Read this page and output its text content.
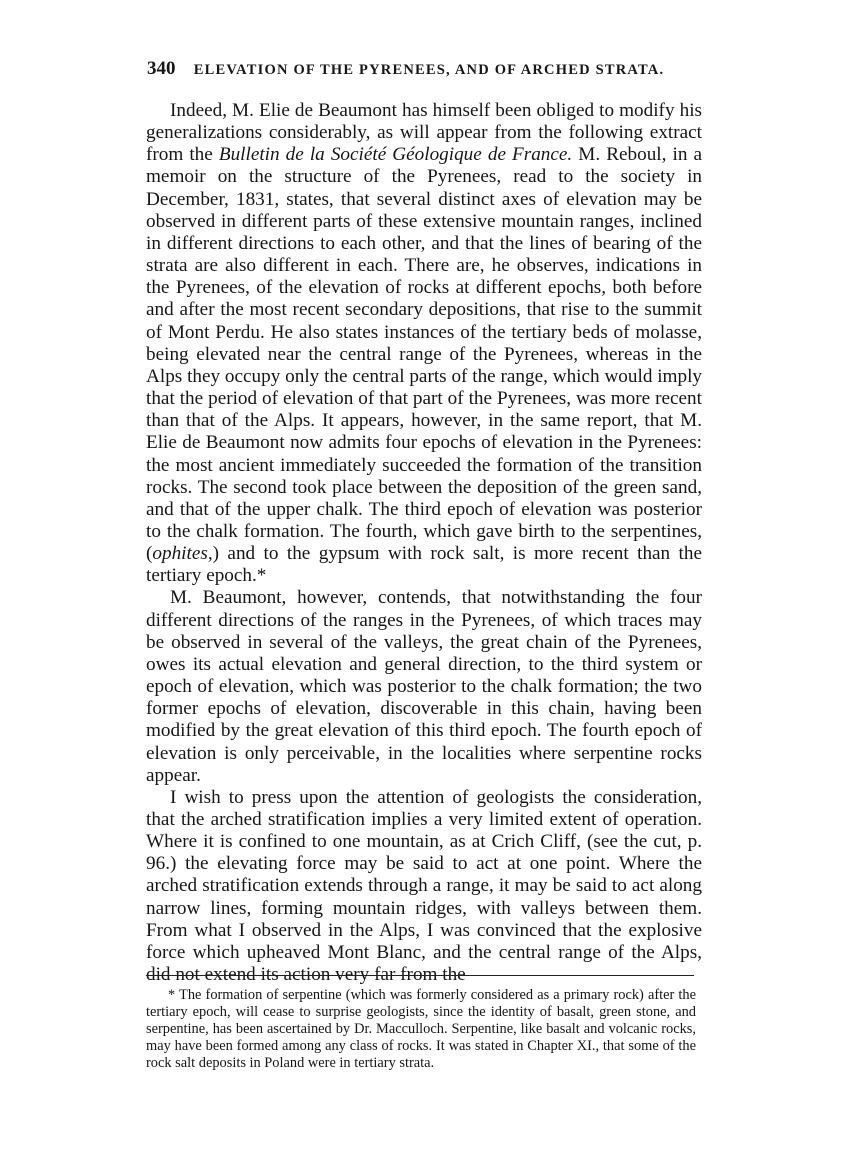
340 ELEVATION OF THE PYRENEES, AND OF ARCHED STRATA.

Indeed, M. Elie de Beaumont has himself been obliged to modify his generalizations considerably, as will appear from the following extract from the Bulletin de la Société Géologique de France. M. Reboul, in a memoir on the structure of the Pyrenees, read to the society in December, 1831, states, that several distinct axes of elevation may be observed in different parts of these extensive mountain ranges, inclined in different directions to each other, and that the lines of bearing of the strata are also different in each. There are, he observes, indications in the Pyrenees, of the elevation of rocks at different epochs, both before and after the most recent secondary depositions, that rise to the summit of Mont Perdu. He also states instances of the tertiary beds of molasse, being elevated near the central range of the Pyrenees, whereas in the Alps they occupy only the central parts of the range, which would imply that the period of elevation of that part of the Pyrenees, was more recent than that of the Alps. It appears, however, in the same report, that M. Elie de Beaumont now admits four epochs of elevation in the Pyrenees: the most ancient immediately succeeded the formation of the transition rocks. The second took place between the deposition of the green sand, and that of the upper chalk. The third epoch of elevation was posterior to the chalk formation. The fourth, which gave birth to the serpentines, (ophites,) and to the gypsum with rock salt, is more recent than the tertiary epoch.*

M. Beaumont, however, contends, that notwithstanding the four different directions of the ranges in the Pyrenees, of which traces may be observed in several of the valleys, the great chain of the Pyrenees, owes its actual elevation and general direction, to the third system or epoch of elevation, which was posterior to the chalk formation; the two former epochs of elevation, discoverable in this chain, having been modified by the great elevation of this third epoch. The fourth epoch of elevation is only perceivable, in the localities where serpentine rocks appear.

I wish to press upon the attention of geologists the consideration, that the arched stratification implies a very limited extent of operation. Where it is confined to one mountain, as at Crich Cliff, (see the cut, p. 96.) the elevating force may be said to act at one point. Where the arched stratification extends through a range, it may be said to act along narrow lines, forming mountain ridges, with valleys between them. From what I observed in the Alps, I was convinced that the explosive force which upheaved Mont Blanc, and the central range of the Alps, did not extend its action very far from the

* The formation of serpentine (which was formerly considered as a primary rock) after the tertiary epoch, will cease to surprise geologists, since the identity of basalt, green stone, and serpentine, has been ascertained by Dr. Macculloch. Serpentine, like basalt and volcanic rocks, may have been formed among any class of rocks. It was stated in Chapter XI., that some of the rock salt deposits in Poland were in tertiary strata.
